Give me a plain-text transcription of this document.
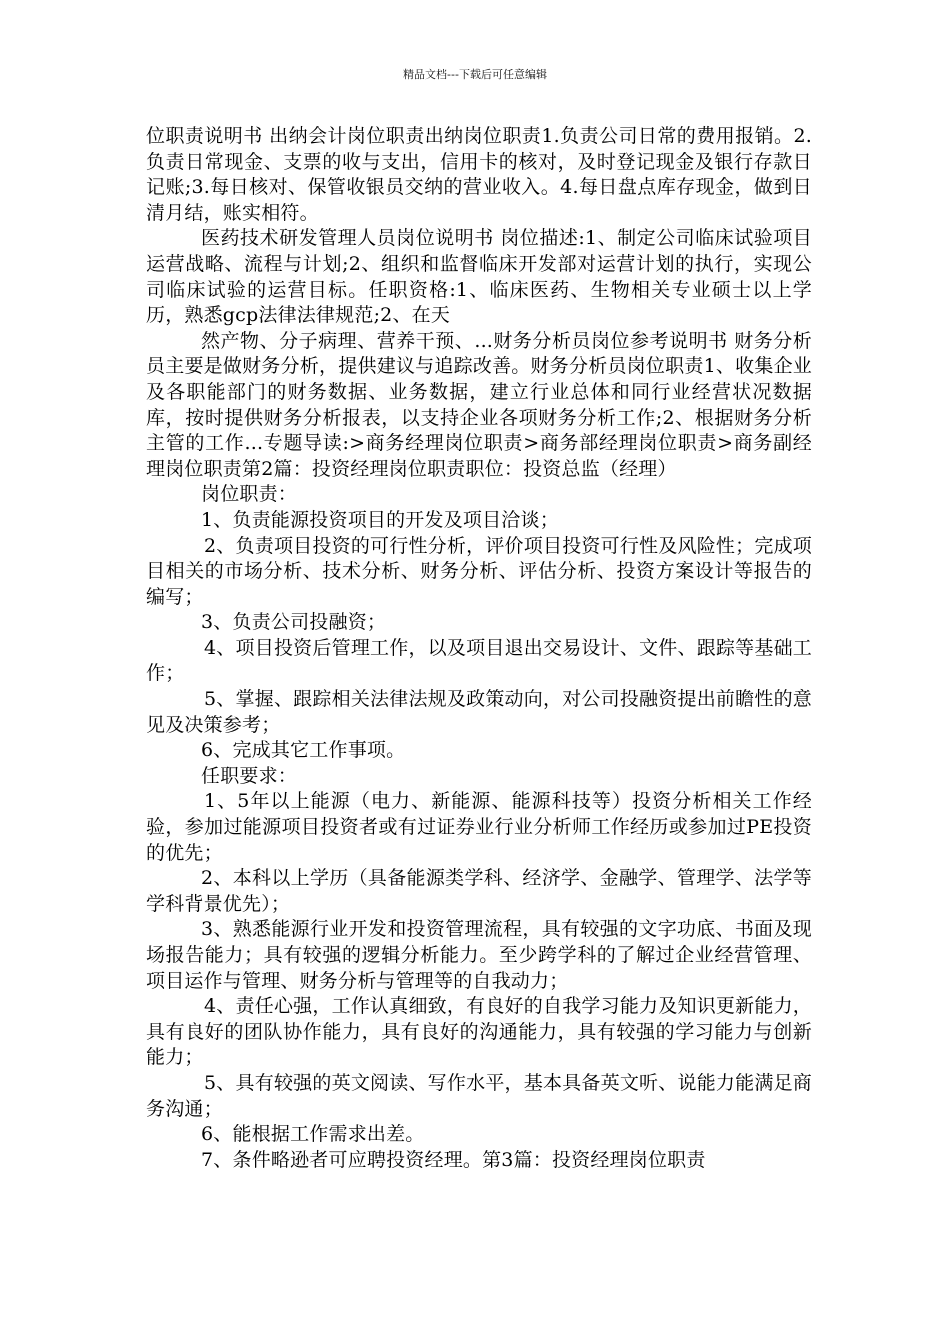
精品文档---下载后可任意编辑

位职责说明书 出纳会计岗位职责出纳岗位职责1.负责公司日常的费用报销。2.负责日常现金、支票的收与支出，信用卡的核对，及时登记现金及银行存款日记账;3.每日核对、保管收银员交纳的营业收入。4.每日盘点库存现金，做到日清月结，账实相符。

医药技术研发管理人员岗位说明书 岗位描述:1、制定公司临床试验项目运营战略、流程与计划;2、组织和监督临床开发部对运营计划的执行，实现公司临床试验的运营目标。任职资格:1、临床医药、生物相关专业硕士以上学历，熟悉gcp法律法律规范;2、在天

然产物、分子病理、营养干预、...财务分析员岗位参考说明书 财务分析员主要是做财务分析，提供建议与追踪改善。财务分析员岗位职责1、收集企业及各职能部门的财务数据、业务数据，建立行业总体和同行业经营状况数据库，按时提供财务分析报表，以支持企业各项财务分析工作;2、根据财务分析主管的工作...专题导读:>商务经理岗位职责>商务部经理岗位职责>商务副经理岗位职责第2篇：投资经理岗位职责职位：投资总监（经理）

岗位职责：

1、负责能源投资项目的开发及项目洽谈；

2、负责项目投资的可行性分析，评价项目投资可行性及风险性；完成项目相关的市场分析、技术分析、财务分析、评估分析、投资方案设计等报告的编写；

3、负责公司投融资；

4、项目投资后管理工作，以及项目退出交易设计、文件、跟踪等基础工作；

5、掌握、跟踪相关法律法规及政策动向，对公司投融资提出前瞻性的意见及决策参考；

6、完成其它工作事项。

任职要求：

1、5年以上能源（电力、新能源、能源科技等）投资分析相关工作经验，参加过能源项目投资者或有过证券业行业分析师工作经历或参加过PE投资的优先；

2、本科以上学历（具备能源类学科、经济学、金融学、管理学、法学等学科背景优先）；

3、熟悉能源行业开发和投资管理流程，具有较强的文字功底、书面及现场报告能力；具有较强的逻辑分析能力。至少跨学科的了解过企业经营管理、项目运作与管理、财务分析与管理等的自我动力；

4、责任心强，工作认真细致，有良好的自我学习能力及知识更新能力，具有良好的团队协作能力，具有良好的沟通能力，具有较强的学习能力与创新能力；

5、具有较强的英文阅读、写作水平，基本具备英文听、说能力能满足商务沟通；

6、能根据工作需求出差。

7、条件略逊者可应聘投资经理。第3篇：投资经理岗位职责
